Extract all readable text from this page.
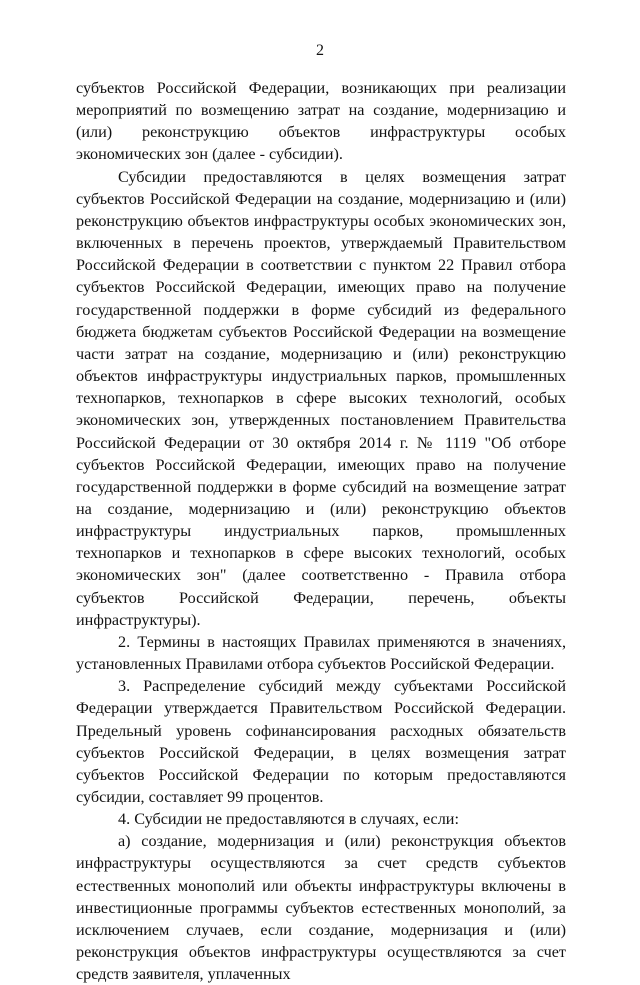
2

субъектов Российской Федерации, возникающих при реализации мероприятий по возмещению затрат на создание, модернизацию и (или) реконструкцию объектов инфраструктуры особых экономических зон (далее - субсидии).

Субсидии предоставляются в целях возмещения затрат субъектов Российской Федерации на создание, модернизацию и (или) реконструкцию объектов инфраструктуры особых экономических зон, включенных в перечень проектов, утверждаемый Правительством Российской Федерации в соответствии с пунктом 22 Правил отбора субъектов Российской Федерации, имеющих право на получение государственной поддержки в форме субсидий из федерального бюджета бюджетам субъектов Российской Федерации на возмещение части затрат на создание, модернизацию и (или) реконструкцию объектов инфраструктуры индустриальных парков, промышленных технопарков, технопарков в сфере высоких технологий, особых экономических зон, утвержденных постановлением Правительства Российской Федерации от 30 октября 2014 г. № 1119 "Об отборе субъектов Российской Федерации, имеющих право на получение государственной поддержки в форме субсидий на возмещение затрат на создание, модернизацию и (или) реконструкцию объектов инфраструктуры индустриальных парков, промышленных технопарков и технопарков в сфере высоких технологий, особых экономических зон" (далее соответственно - Правила отбора субъектов Российской Федерации, перечень, объекты инфраструктуры).

2. Термины в настоящих Правилах применяются в значениях, установленных Правилами отбора субъектов Российской Федерации.

3. Распределение субсидий между субъектами Российской Федерации утверждается Правительством Российской Федерации. Предельный уровень софинансирования расходных обязательств субъектов Российской Федерации, в целях возмещения затрат субъектов Российской Федерации по которым предоставляются субсидии, составляет 99 процентов.

4. Субсидии не предоставляются в случаях, если:

а) создание, модернизация и (или) реконструкция объектов инфраструктуры осуществляются за счет средств субъектов естественных монополий или объекты инфраструктуры включены в инвестиционные программы субъектов естественных монополий, за исключением случаев, если создание, модернизация и (или) реконструкция объектов инфраструктуры осуществляются за счет средств заявителя, уплаченных
